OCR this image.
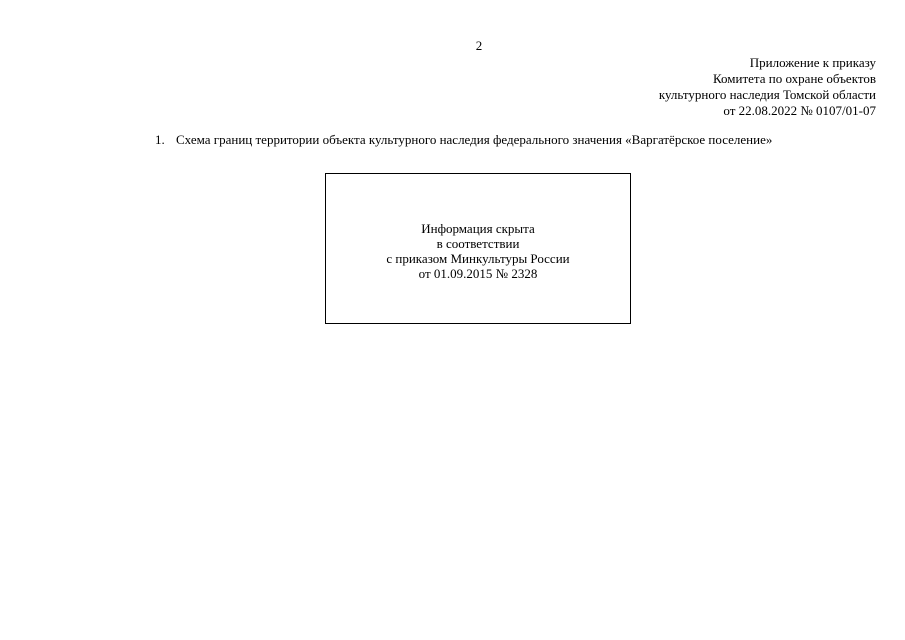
2
Приложение к приказу
Комитета по охране объектов
культурного наследия Томской области
от 22.08.2022 № 0107/01-07
1. Схема границ территории объекта культурного наследия федерального значения «Варгатёрское поселение»
Информация скрыта
в соответствии
с приказом Минкультуры России
от 01.09.2015 № 2328
